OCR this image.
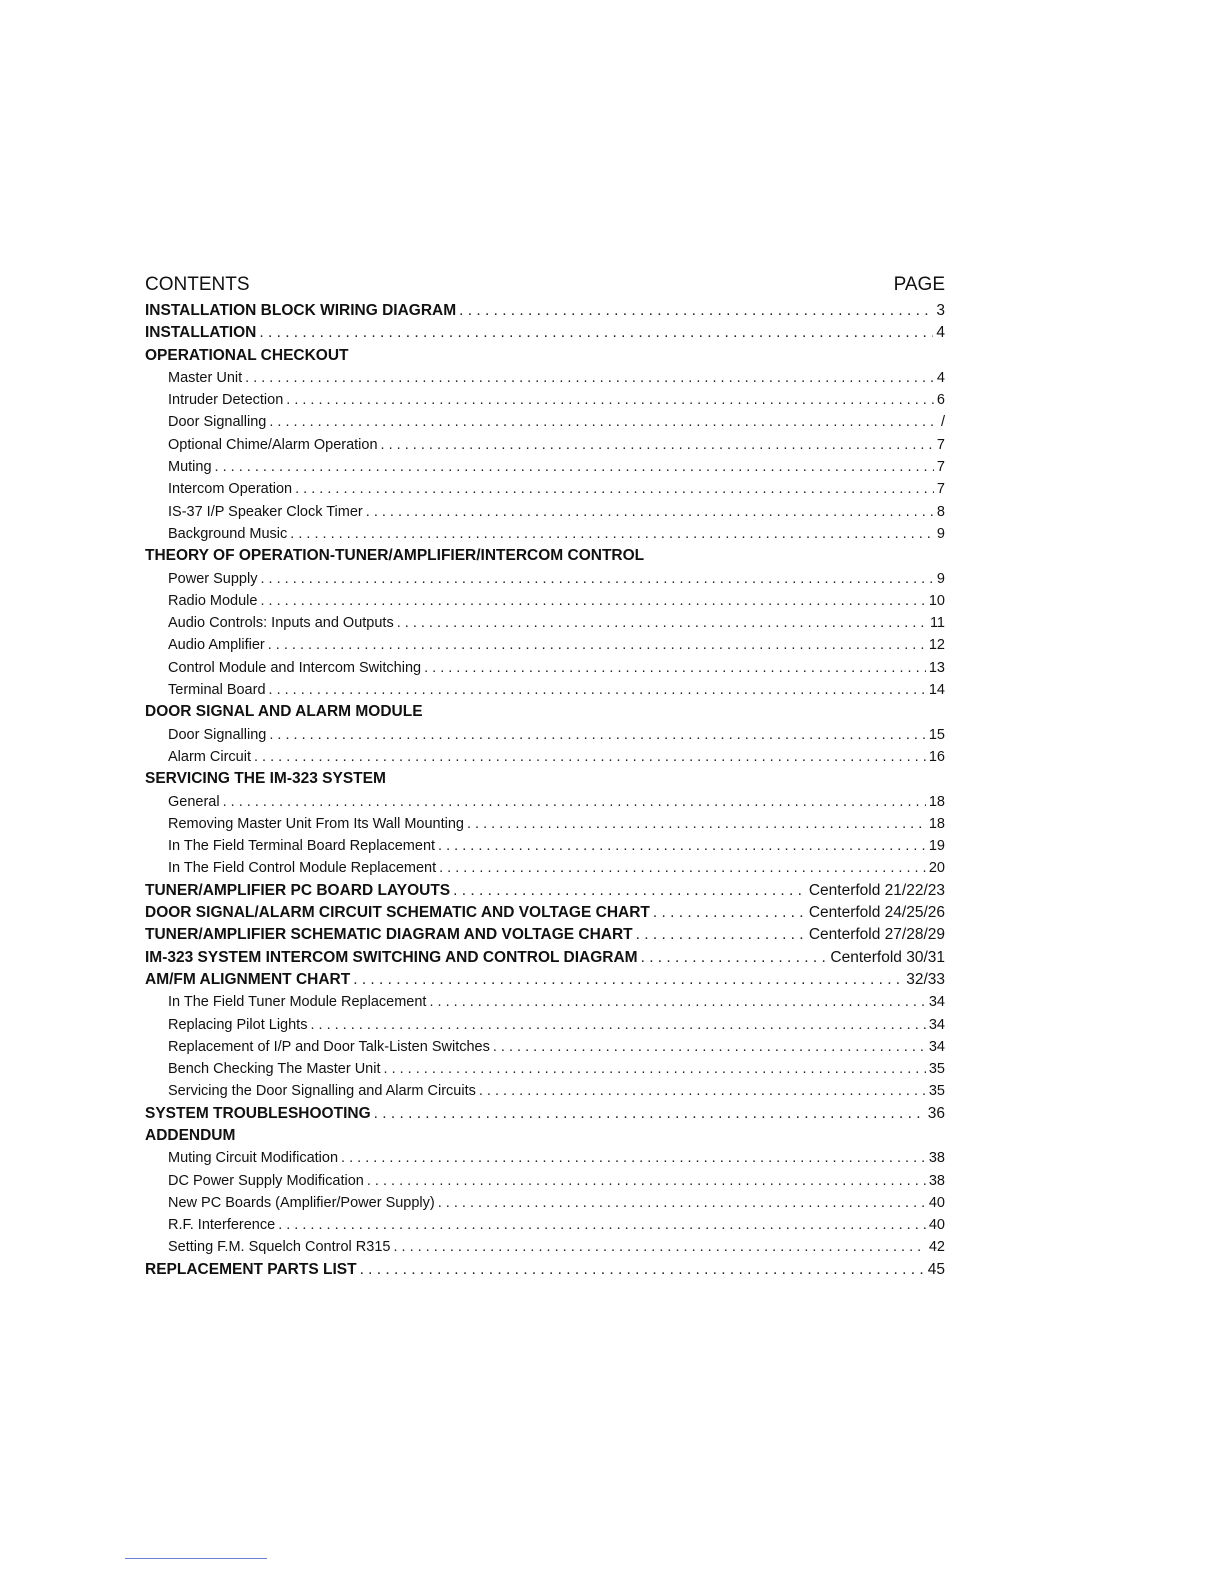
CONTENTS	PAGE
INSTALLATION BLOCK WIRING DIAGRAM . . .	3
INSTALLATION . . .	4
OPERATIONAL CHECKOUT
Master Unit . . .	4
Intruder Detection . . .	6
Door Signalling . . .	/
Optional Chime/Alarm Operation . . .	7
Muting . . .	7
Intercom Operation . . .	7
IS-37 I/P Speaker Clock Timer . . .	8
Background Music . . .	9
THEORY OF OPERATION-TUNER/AMPLIFIER/INTERCOM CONTROL
Power Supply . . .	9
Radio Module . . .	10
Audio Controls: Inputs and Outputs . . .	11
Audio Amplifier . . .	12
Control Module and Intercom Switching . . .	13
Terminal Board . . .	14
DOOR SIGNAL AND ALARM MODULE
Door Signalling . . .	15
Alarm Circuit . . .	16
SERVICING THE IM-323 SYSTEM
General . . .	18
Removing Master Unit From Its Wall Mounting . . .	18
In The Field Terminal Board Replacement . . .	19
In The Field Control Module Replacement . . .	20
TUNER/AMPLIFIER PC BOARD LAYOUTS . . .	Centerfold 21/22/23
DOOR SIGNAL/ALARM CIRCUIT SCHEMATIC AND VOLTAGE CHART . . .	Centerfold 24/25/26
TUNER/AMPLIFIER SCHEMATIC DIAGRAM AND VOLTAGE CHART . . .	Centerfold 27/28/29
IM-323 SYSTEM INTERCOM SWITCHING AND CONTROL DIAGRAM . . .	Centerfold 30/31
AM/FM ALIGNMENT CHART . . .	32/33
In The Field Tuner Module Replacement . . .	34
Replacing Pilot Lights . . .	34
Replacement of I/P and Door Talk-Listen Switches . . .	34
Bench Checking The Master Unit . . .	35
Servicing the Door Signalling and Alarm Circuits . . .	35
SYSTEM TROUBLESHOOTING . . .	36
ADDENDUM
Muting Circuit Modification . . .	38
DC Power Supply Modification . . .	38
New PC Boards (Amplifier/Power Supply) . . .	40
R.F. Interference . . .	40
Setting F.M. Squelch Control R315 . . .	42
REPLACEMENT PARTS LIST . . .	45
